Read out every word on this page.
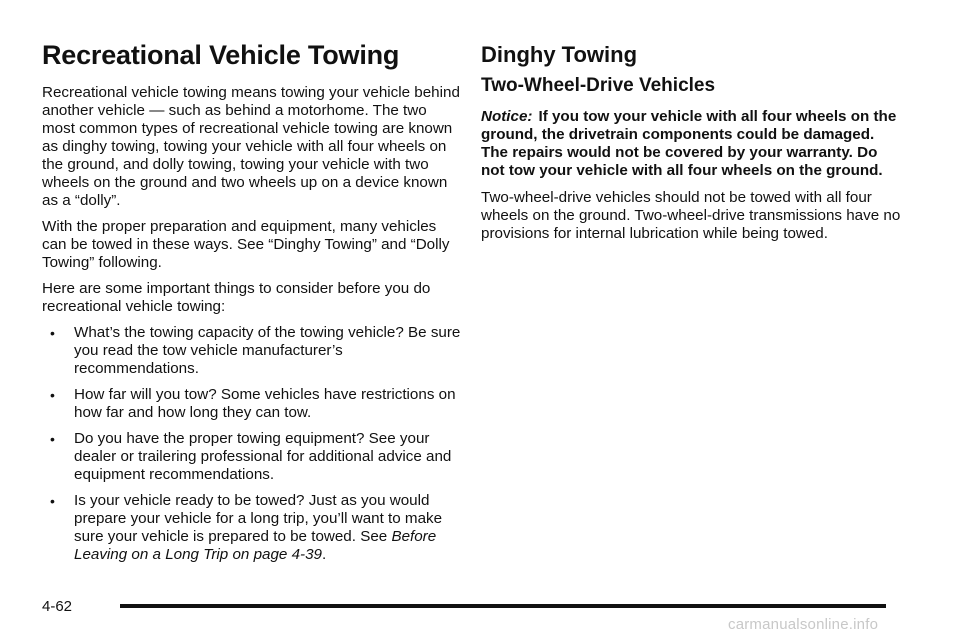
Recreational Vehicle Towing

Recreational vehicle towing means towing your vehicle behind another vehicle — such as behind a motorhome. The two most common types of recreational vehicle towing are known as dinghy towing, towing your vehicle with all four wheels on the ground, and dolly towing, towing your vehicle with two wheels on the ground and two wheels up on a device known as a “dolly”.

With the proper preparation and equipment, many vehicles can be towed in these ways. See “Dinghy Towing” and “Dolly Towing” following.

Here are some important things to consider before you do recreational vehicle towing:

• What’s the towing capacity of the towing vehicle? Be sure you read the tow vehicle manufacturer’s recommendations.
• How far will you tow? Some vehicles have restrictions on how far and how long they can tow.
• Do you have the proper towing equipment? See your dealer or trailering professional for additional advice and equipment recommendations.
• Is your vehicle ready to be towed? Just as you would prepare your vehicle for a long trip, you’ll want to make sure your vehicle is prepared to be towed. See Before Leaving on a Long Trip on page 4-39.
Dinghy Towing
Two-Wheel-Drive Vehicles

Notice: If you tow your vehicle with all four wheels on the ground, the drivetrain components could be damaged. The repairs would not be covered by your warranty. Do not tow your vehicle with all four wheels on the ground.

Two-wheel-drive vehicles should not be towed with all four wheels on the ground. Two-wheel-drive transmissions have no provisions for internal lubrication while being towed.

4-62
carmanualsonline.info
